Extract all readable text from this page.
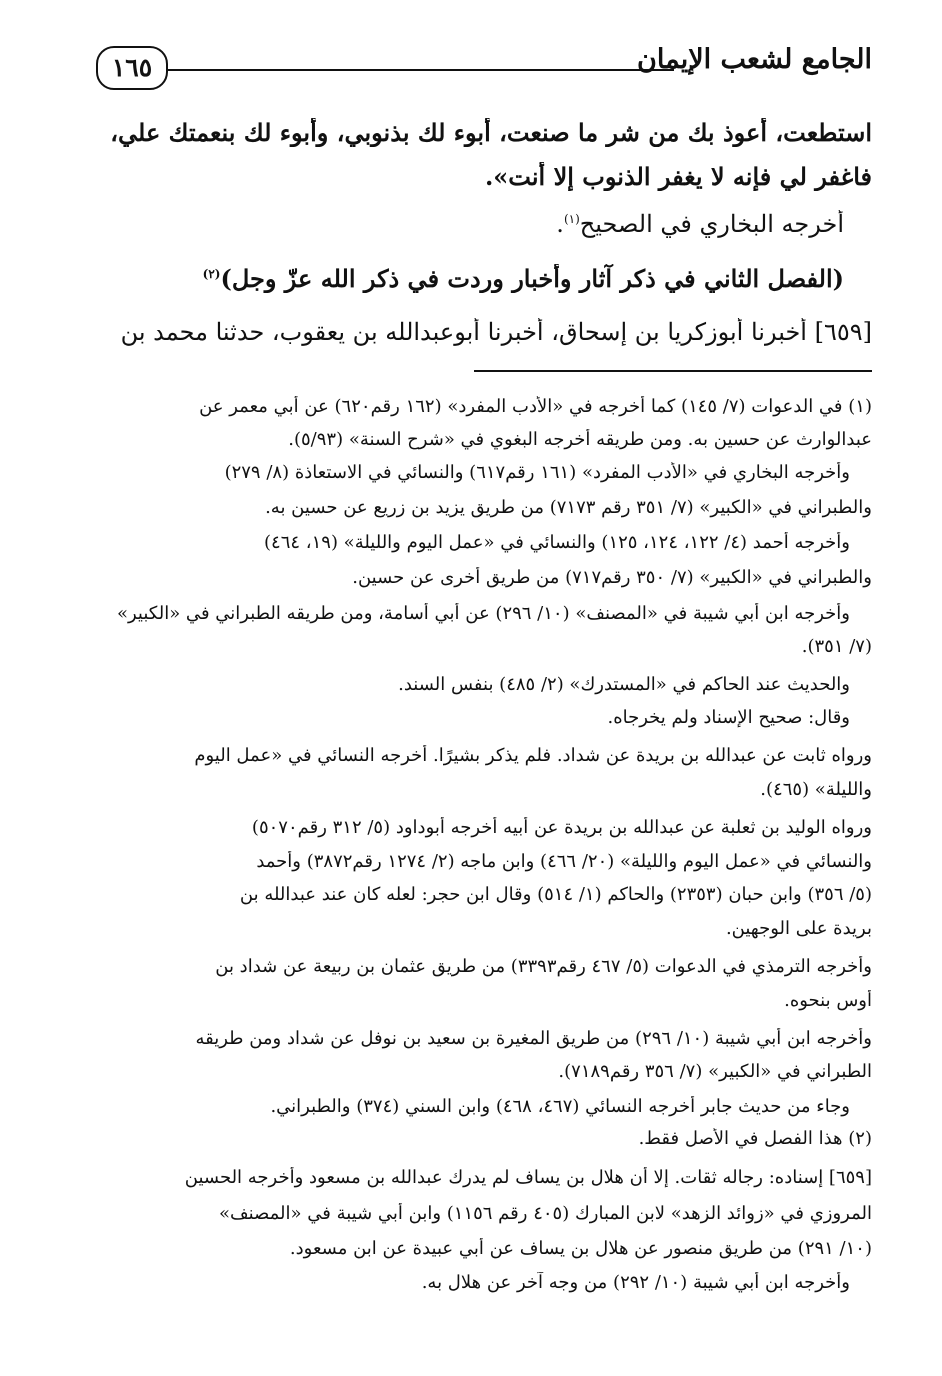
الجامع لشعب الإيمان
١٦٥
استطعت، أعوذ بك من شر ما صنعت، أبوء لك بذنوبي، وأبوء لك بنعمتك علي،
فاغفر لي فإنه لا يغفر الذنوب إلا أنت».
أخرجه البخاري في الصحيح$^{(١)}$.
(الفصل الثاني في ذكر آثار وأخبار وردت في ذكر الله عزّ وجل)$^{(٢)}$
[٦٥٩] أخبرنا أبوزكريا بن إسحاق، أخبرنا أبوعبدالله بن يعقوب، حدثنا محمد بن
(١) في الدعوات (٧/ ١٤٥) كما أخرجه في «الأدب المفرد» (١٦٢ رقم٦٢٠) عن أبي معمر عن
عبدالوارث عن حسين به. ومن طريقه أخرجه البغوي في «شرح السنة» (٥/٩٣).
وأخرجه البخاري في «الأدب المفرد» (١٦١ رقم٦١٧) والنسائي في الاستعاذة (٨/ ٢٧٩)
والطبراني في «الكبير» (٧/ ٣٥١ رقم ٧١٧٣) من طريق يزيد بن زريع عن حسين به.
وأخرجه أحمد (٤/ ١٢٢، ١٢٤، ١٢٥) والنسائي في «عمل اليوم والليلة» (١٩، ٤٦٤)
والطبراني في «الكبير» (٧/ ٣٥٠ رقم٧١٧) من طريق أخرى عن حسين.
وأخرجه ابن أبي شيبة في «المصنف» (١٠/ ٢٩٦) عن أبي أسامة، ومن طريقه الطبراني في «الكبير»
(٧/ ٣٥١).
والحديث عند الحاكم في «المستدرك» (٢/ ٤٨٥) بنفس السند.
وقال: صحيح الإسناد ولم يخرجاه.
ورواه ثابت عن عبدالله بن بريدة عن شداد. فلم يذكر بشيرًا. أخرجه النسائي في «عمل اليوم
والليلة» (٤٦٥).
ورواه الوليد بن ثعلبة عن عبدالله بن بريدة عن أبيه أخرجه أبوداود (٥/ ٣١٢ رقم٥٠٧٠)
والنسائي في «عمل اليوم والليلة» (٢٠/ ٤٦٦) وابن ماجه (٢/ ١٢٧٤ رقم٣٨٧٢) وأحمد
(٥/ ٣٥٦) وابن حبان (٢٣٥٣) والحاكم (١/ ٥١٤) وقال ابن حجر: لعله كان عند عبدالله بن
بريدة على الوجهين.
وأخرجه الترمذي في الدعوات (٥/ ٤٦٧ رقم٣٣٩٣) من طريق عثمان بن ربيعة عن شداد بن
أوس بنحوه.
وأخرجه ابن أبي شيبة (١٠/ ٢٩٦) من طريق المغيرة بن سعيد بن نوفل عن شداد ومن طريقه
الطبراني في «الكبير» (٧/ ٣٥٦ رقم٧١٨٩).
وجاء من حديث جابر أخرجه النسائي (٤٦٧، ٤٦٨) وابن السني (٣٧٤) والطبراني.
(٢) هذا الفصل في الأصل فقط.
[٦٥٩] إسناده: رجاله ثقات. إلا أن هلال بن يساف لم يدرك عبدالله بن مسعود وأخرجه الحسين
المروزي في «زوائد الزهد» لابن المبارك (٤٠٥ رقم ١١٥٦) وابن أبي شيبة في «المصنف»
(١٠/ ٢٩١) من طريق منصور عن هلال بن يساف عن أبي عبيدة عن ابن مسعود.
وأخرجه ابن أبي شيبة (١٠/ ٢٩٢) من وجه آخر عن هلال به.
